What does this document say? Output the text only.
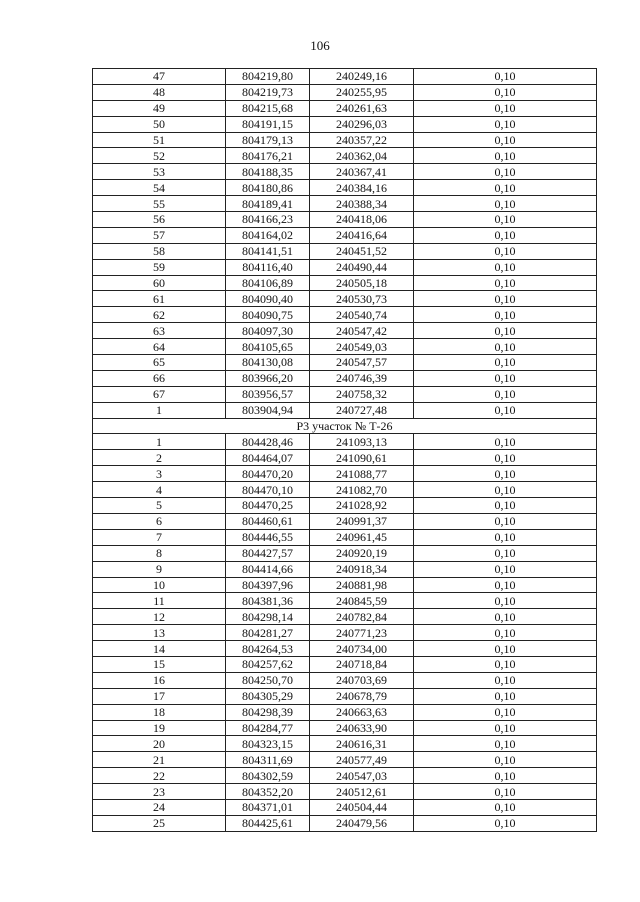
106
47	804219,80	240249,16	0,10
48	804219,73	240255,95	0,10
49	804215,68	240261,63	0,10
50	804191,15	240296,03	0,10
51	804179,13	240357,22	0,10
52	804176,21	240362,04	0,10
53	804188,35	240367,41	0,10
54	804180,86	240384,16	0,10
55	804189,41	240388,34	0,10
56	804166,23	240418,06	0,10
57	804164,02	240416,64	0,10
58	804141,51	240451,52	0,10
59	804116,40	240490,44	0,10
60	804106,89	240505,18	0,10
61	804090,40	240530,73	0,10
62	804090,75	240540,74	0,10
63	804097,30	240547,42	0,10
64	804105,65	240549,03	0,10
65	804130,08	240547,57	0,10
66	803966,20	240746,39	0,10
67	803956,57	240758,32	0,10
1	803904,94	240727,48	0,10
Р3 участок № Т-26			
1	804428,46	241093,13	0,10
2	804464,07	241090,61	0,10
3	804470,20	241088,77	0,10
4	804470,10	241082,70	0,10
5	804470,25	241028,92	0,10
6	804460,61	240991,37	0,10
7	804446,55	240961,45	0,10
8	804427,57	240920,19	0,10
9	804414,66	240918,34	0,10
10	804397,96	240881,98	0,10
11	804381,36	240845,59	0,10
12	804298,14	240782,84	0,10
13	804281,27	240771,23	0,10
14	804264,53	240734,00	0,10
15	804257,62	240718,84	0,10
16	804250,70	240703,69	0,10
17	804305,29	240678,79	0,10
18	804298,39	240663,63	0,10
19	804284,77	240633,90	0,10
20	804323,15	240616,31	0,10
21	804311,69	240577,49	0,10
22	804302,59	240547,03	0,10
23	804352,20	240512,61	0,10
24	804371,01	240504,44	0,10
25	804425,61	240479,56	0,10
